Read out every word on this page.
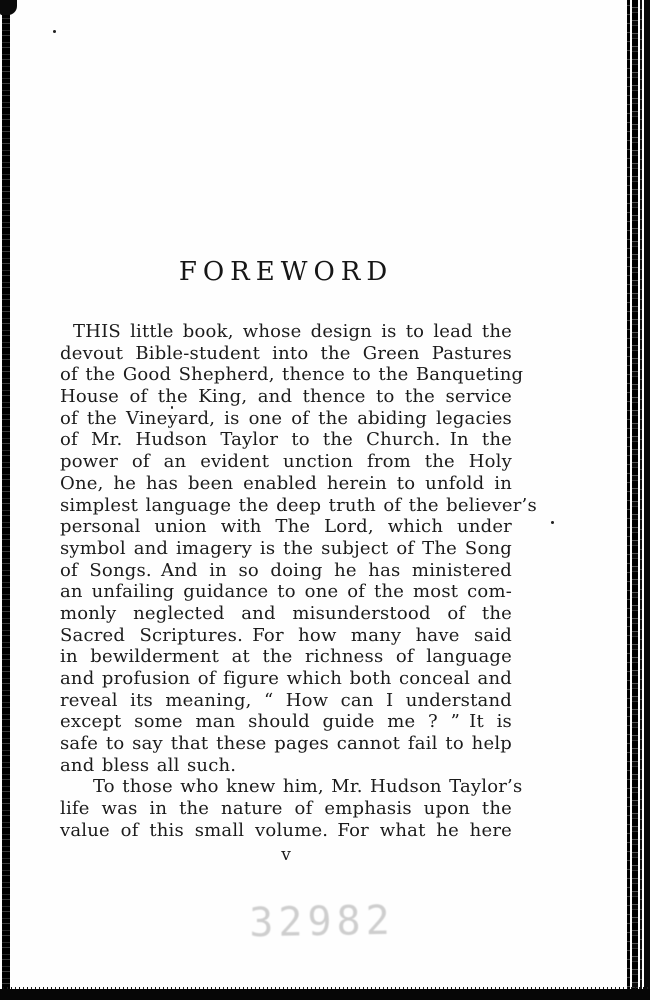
FOREWORD
THIS little book, whose design is to lead the
devout Bible-student into the Green Pastures
of the Good Shepherd, thence to the Banqueting
House of the King, and thence to the service
of the Vineyard, is one of the abiding legacies
of Mr. Hudson Taylor to the Church. In the
power of an evident unction from the Holy
One, he has been enabled herein to unfold in
simplest language the deep truth of the believer’s
personal union with The Lord, which under
symbol and imagery is the subject of The Song
of Songs. And in so doing he has ministered
an unfailing guidance to one of the most com-
monly neglected and misunderstood of the
Sacred Scriptures. For how many have said
in bewilderment at the richness of language
and profusion of figure which both conceal and
reveal its meaning, “ How can I understand
except some man should guide me ? ” It is
safe to say that these pages cannot fail to help
and bless all such.
To those who knew him, Mr. Hudson Taylor’s
life was in the nature of emphasis upon the
value of this small volume. For what he here
v
32982
